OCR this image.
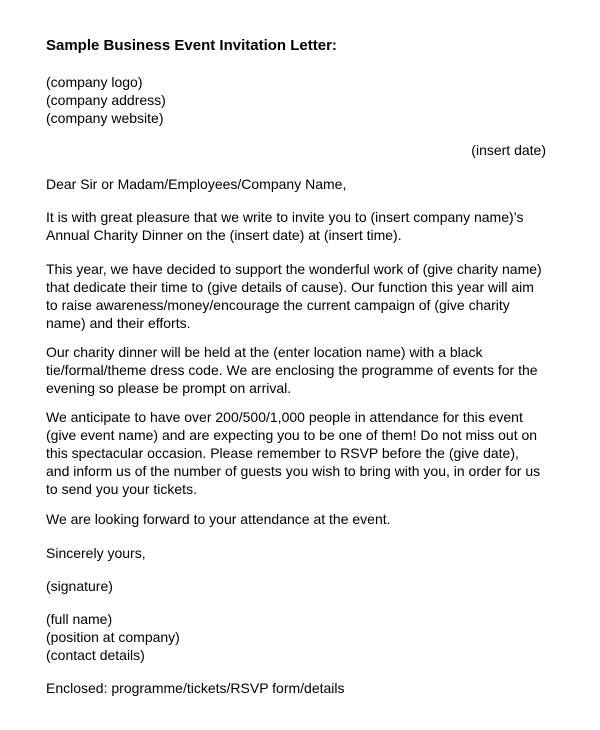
Sample Business Event Invitation Letter:
(company logo)
(company address)
(company website)
(insert date)
Dear Sir or Madam/Employees/Company Name,
It is with great pleasure that we write to invite you to (insert company name)’s
Annual Charity Dinner on the (insert date) at (insert time).
This year, we have decided to support the wonderful work of (give charity name)
that dedicate their time to (give details of cause). Our function this year will aim
to raise awareness/money/encourage the current campaign of (give charity
name) and their efforts.
Our charity dinner will be held at the (enter location name) with a black
tie/formal/theme dress code. We are enclosing the programme of events for the
evening so please be prompt on arrival.
We anticipate to have over 200/500/1,000 people in attendance for this event
(give event name) and are expecting you to be one of them! Do not miss out on
this spectacular occasion. Please remember to RSVP before the (give date),
and inform us of the number of guests you wish to bring with you, in order for us
to send you your tickets.
We are looking forward to your attendance at the event.
Sincerely yours,
(signature)
(full name)
(position at company)
(contact details)
Enclosed: programme/tickets/RSVP form/details
